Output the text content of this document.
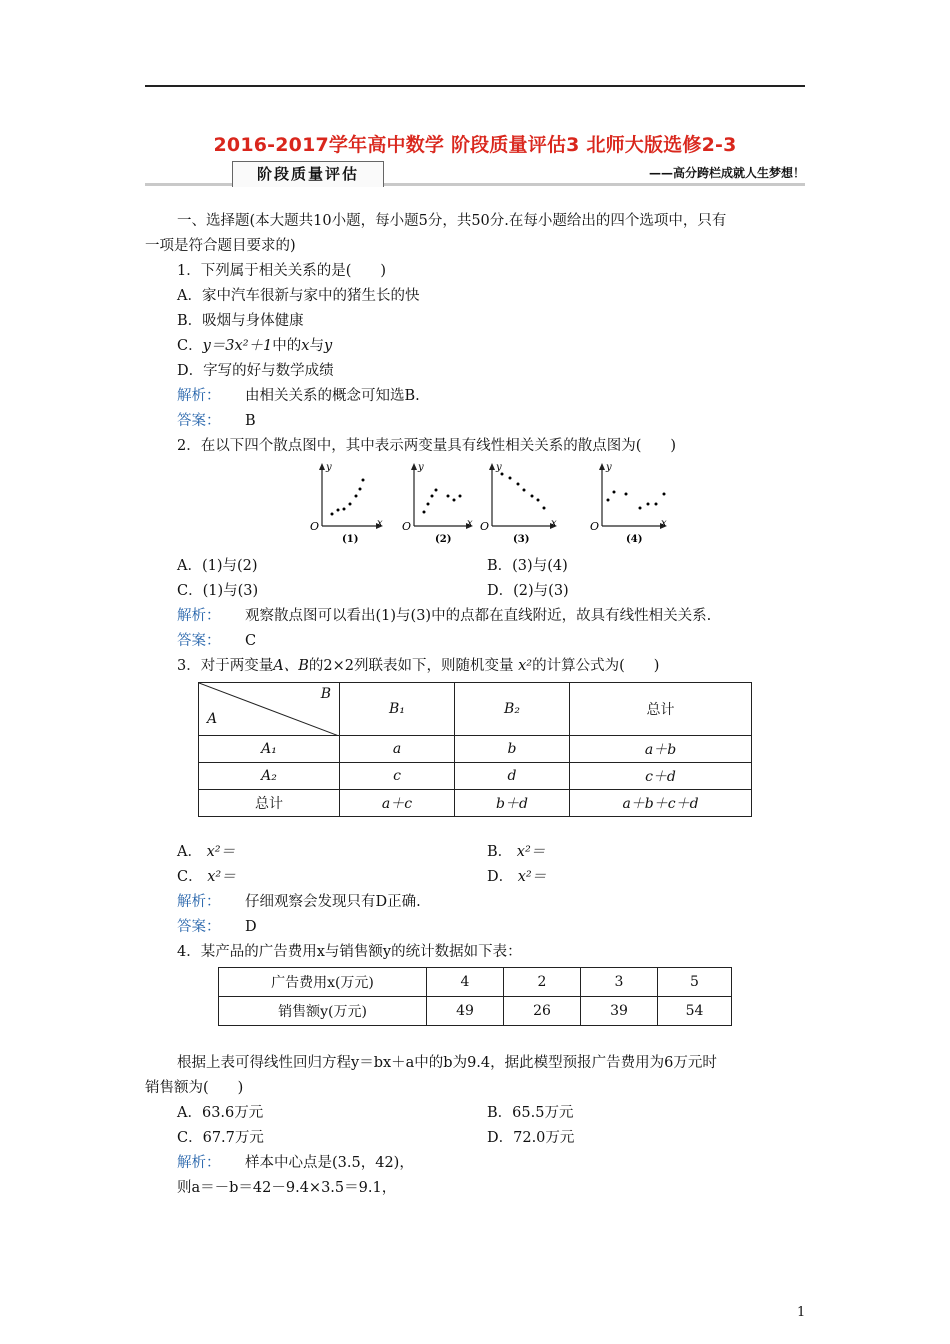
2016-2017学年高中数学 阶段质量评估3 北师大版选修2-3
阶段质量评估	——高分跨栏成就人生梦想！
一、选择题(本大题共10小题，每小题5分，共50分.在每小题给出的四个选项中，只有
一项是符合题目要求的)
1．下列属于相关关系的是(　　)
A．家中汽车很新与家中的猪生长的快
B．吸烟与身体健康
C．y＝3x²＋1中的x与y
D．字写的好与数学成绩
解析： 由相关关系的概念可知选B.
答案： B
2．在以下四个散点图中，其中表示两变量具有线性相关关系的散点图为(　　)
y
O	x
(1)
y
O	x
(2)
y
O	x
(3)
y
O	x
(4)
A．(1)与(2)	B．(3)与(4)
C．(1)与(3)	D．(2)与(3)
解析： 观察散点图可以看出(1)与(3)中的点都在直线附近，故具有线性相关关系.
答案： C
3．对于两变量A、B的2×2列联表如下，则随机变量 x²的计算公式为(　　)
B
A	B₁	B₂	总计
A₁	a	b	a＋b
A₂	c	d	c＋d
总计	a＋c	b＋d	a＋b＋c＋d
A． x²＝	B． x²＝
C． x²＝	D． x²＝
解析： 仔细观察会发现只有D正确.
答案： D
4．某产品的广告费用x与销售额y的统计数据如下表：
广告费用x(万元)	4	2	3	5
销售额y(万元)	49	26	39	54
根据上表可得线性回归方程y＝bx＋a中的b为9.4，据此模型预报广告费用为6万元时
销售额为(　　)
A．63.6万元	B．65.5万元
C．67.7万元	D．72.0万元
解析： 样本中心点是(3.5，42)，
则a＝－b＝42－9.4×3.5＝9.1，
1
